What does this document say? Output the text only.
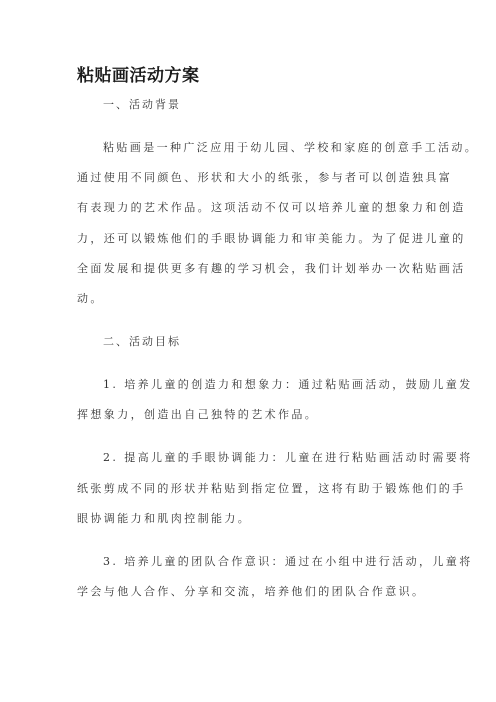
粘贴画活动方案
一、活动背景
粘贴画是一种广泛应用于幼儿园、学校和家庭的创意手工活动。
通过使用不同颜色、形状和大小的纸张，参与者可以创造独具富
有表现力的艺术作品。这项活动不仅可以培养儿童的想象力和创造
力，还可以锻炼他们的手眼协调能力和审美能力。为了促进儿童的
全面发展和提供更多有趣的学习机会，我们计划举办一次粘贴画活
动。
二、活动目标
1. 培养儿童的创造力和想象力：通过粘贴画活动，鼓励儿童发
挥想象力，创造出自己独特的艺术作品。
2. 提高儿童的手眼协调能力：儿童在进行粘贴画活动时需要将
纸张剪成不同的形状并粘贴到指定位置，这将有助于锻炼他们的手
眼协调能力和肌肉控制能力。
3. 培养儿童的团队合作意识：通过在小组中进行活动，儿童将
学会与他人合作、分享和交流，培养他们的团队合作意识。
